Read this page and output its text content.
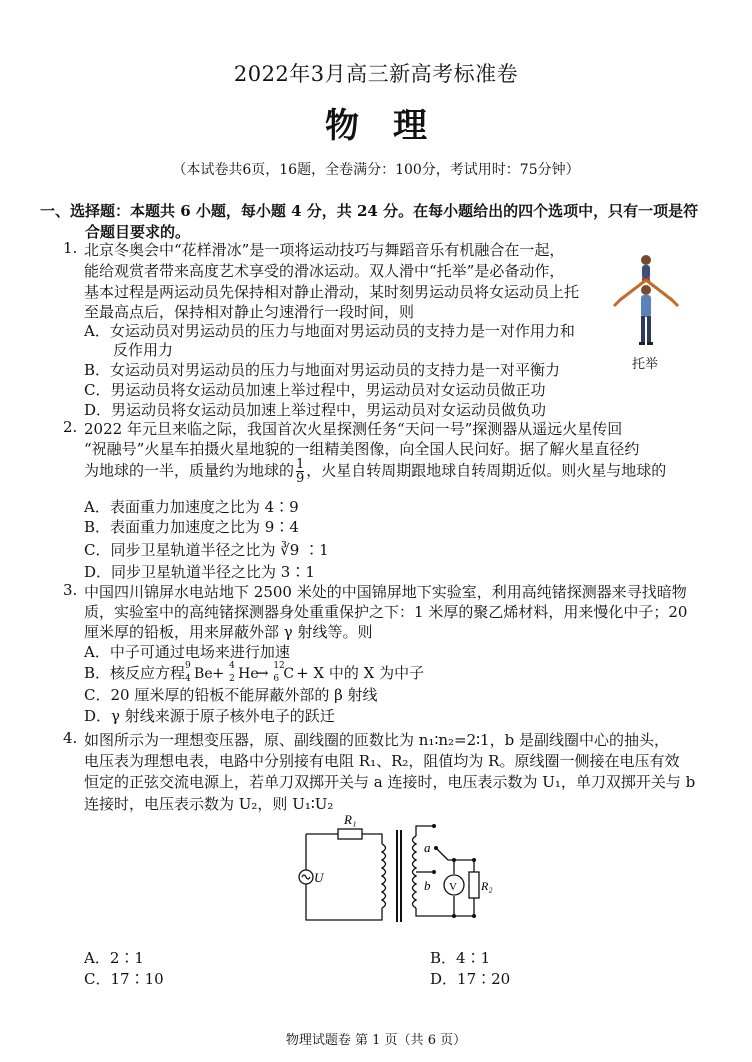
2022年3月高三新高考标准卷
物理
（本试卷共6页，16题，全卷满分：100分，考试用时：75分钟）
一、选择题：本题共 6 小题，每小题 4 分，共 24 分。在每小题给出的四个选项中，只有一项是符
合题目要求的。
1. 北京冬奥会中“花样滑冰”是一项将运动技巧与舞蹈音乐有机融合在一起，
能给观赏者带来高度艺术享受的滑冰运动。双人滑中“托举”是必备动作，
基本过程是两运动员先保持相对静止滑动，某时刻男运动员将女运动员上托
至最高点后，保持相对静止匀速滑行一段时间，则
A．女运动员对男运动员的压力与地面对男运动员的支持力是一对作用力和
反作用力
B．女运动员对男运动员的压力与地面对男运动员的支持力是一对平衡力
C．男运动员将女运动员加速上举过程中，男运动员对女运动员做正功
D．男运动员将女运动员加速上举过程中，男运动员对女运动员做负功
托举
2. 2022 年元旦来临之际，我国首次火星探测任务“天问一号”探测器从遥远火星传回
“祝融号”火星车拍摄火星地貌的一组精美图像，向全国人民问好。据了解火星直径约
为地球的一半，质量约为地球的 $\frac{1}{9}$ ，火星自转周期跟地球自转周期近似。则火星与地球的
A．表面重力加速度之比为 4∶9
B．表面重力加速度之比为 9∶4
C．同步卫星轨道半径之比为 ∛9 ∶1
D．同步卫星轨道半径之比为 3∶1
3. 中国四川锦屏水电站地下 2500 米处的中国锦屏地下实验室，利用高纯锗探测器来寻找暗物
质，实验室中的高纯锗探测器身处重重保护之下：1 米厚的聚乙烯材料，用来慢化中子；20
厘米厚的铅板，用来屏蔽外部 γ 射线等。则
A．中子可通过电场来进行加速
B．核反应方程 9
4 Be + 4
2 He
→ 12
6 C + X 中的 X 为中子
C．20 厘米厚的铅板不能屏蔽外部的 β 射线
D．γ 射线来源于原子核外电子的跃迁
4. 如图所示为一理想变压器，原、副线圈的匝数比为 n₁∶n₂=2∶1，b 是副线圈中心的抽头，
电压表为理想电表，电路中分别接有电阻 R₁、R₂，阻值均为 R。原线圈一侧接在电压有效
恒定的正弦交流电源上，若单刀双掷开关与 a 连接时，电压表示数为 U₁，单刀双掷开关与 b
连接时，电压表示数为 U₂，则 U₁∶U₂
R₁
U
a
b V R₂
A．2∶1	B．4∶1
C．17∶10	D．17∶20
物理试题卷 第 1 页（共 6 页）
